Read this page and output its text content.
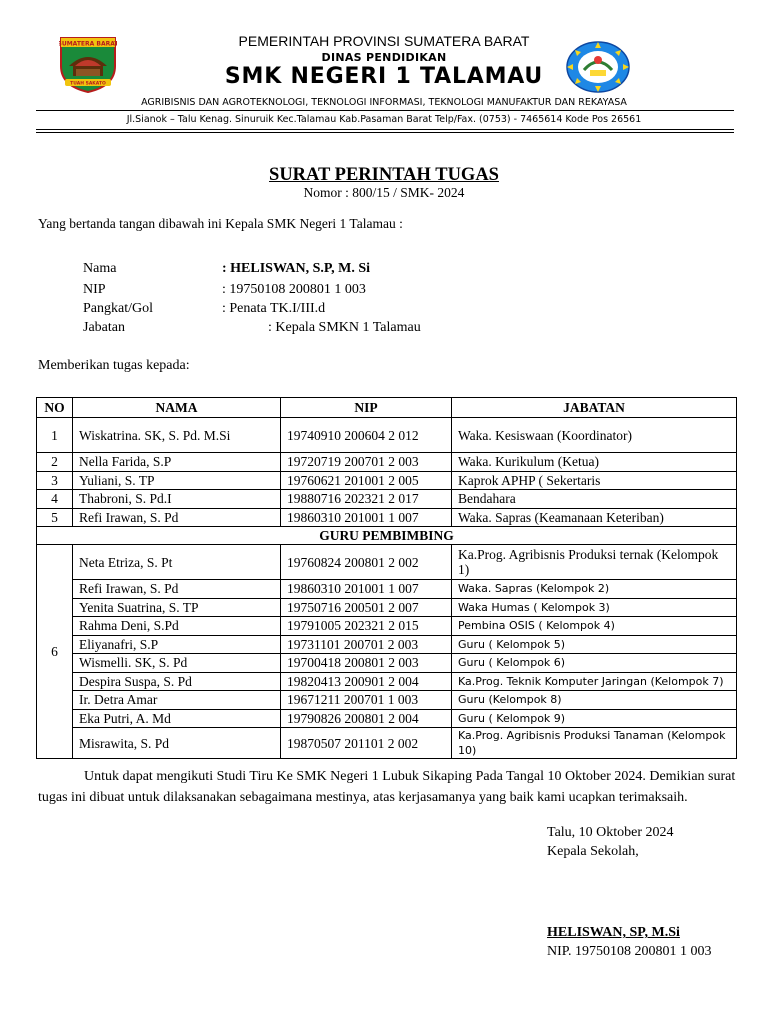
SUMATERA BARAT
TUAH SAKATO
PEMERINTAH PROVINSI SUMATERA BARAT
DINAS PENDIDIKAN
SMK NEGERI 1 TALAMAU
AGRIBISNIS DAN AGROTEKNOLOGI, TEKNOLOGI INFORMASI, TEKNOLOGI MANUFAKTUR DAN REKAYASA
Jl.Sianok – Talu Kenag. Sinuruik Kec.Talamau Kab.Pasaman Barat Telp/Fax. (0753) - 7465614 Kode Pos 26561
SURAT PERINTAH TUGAS
Nomor : 800/15 / SMK- 2024
Yang bertanda tangan dibawah ini Kepala SMK Negeri 1 Talamau :
Nama	: HELISWAN, S.P, M. Si
NIP	: 19750108 200801 1 003
Pangkat/Gol	: Penata TK.I/III.d
Jabatan	: Kepala SMKN 1 Talamau
Memberikan tugas kepada:
NO	NAMA	NIP	JABATAN
1	Wiskatrina. SK, S. Pd. M.Si	19740910 200604 2 012	Waka. Kesiswaan (Koordinator)
2	Nella Farida, S.P	19720719 200701 2 003	Waka. Kurikulum (Ketua)
3	Yuliani, S. TP	19760621 201001 2 005	Kaprok APHP ( Sekertaris
4	Thabroni, S. Pd.I	19880716 202321 2 017	Bendahara
5	Refi Irawan, S. Pd	19860310 201001 1 007	Waka. Sapras (Keamanaan Keteriban)
GURU PEMBIMBING			
6	Neta Etriza, S. Pt	19760824 200801 2 002	Ka.Prog. Agribisnis Produksi ternak (Kelompok 1)
	Refi Irawan, S. Pd	19860310 201001 1 007	Waka. Sapras (Kelompok 2)
	Yenita Suatrina, S. TP	19750716 200501 2 007	Waka Humas ( Kelompok 3)
	Rahma Deni, S.Pd	19791005 202321 2 015	Pembina OSIS ( Kelompok 4)
	Eliyanafri, S.P	19731101 200701 2 003	Guru ( Kelompok 5)
	Wismelli. SK, S. Pd	19700418 200801 2 003	Guru ( Kelompok 6)
	Despira Suspa, S. Pd	19820413 200901 2 004	Ka.Prog. Teknik Komputer Jaringan (Kelompok 7)
	Ir. Detra Amar	19671211 200701 1 003	Guru (Kelompok 8)
	Eka Putri, A. Md	19790826 200801 2 004	Guru ( Kelompok 9)
	Misrawita, S. Pd	19870507 201101 2 002	Ka.Prog. Agribisnis Produksi Tanaman (Kelompok 10)
Untuk dapat mengikuti Studi Tiru Ke SMK Negeri 1 Lubuk Sikaping Pada Tangal 10 Oktober 2024. Demikian surat tugas ini dibuat untuk dilaksanakan sebagaimana mestinya, atas kerjasamanya yang baik kami ucapkan terimaksaih.
Talu, 10 Oktober 2024
Kepala Sekolah,
HELISWAN, SP, M.Si
NIP. 19750108 200801 1 003
